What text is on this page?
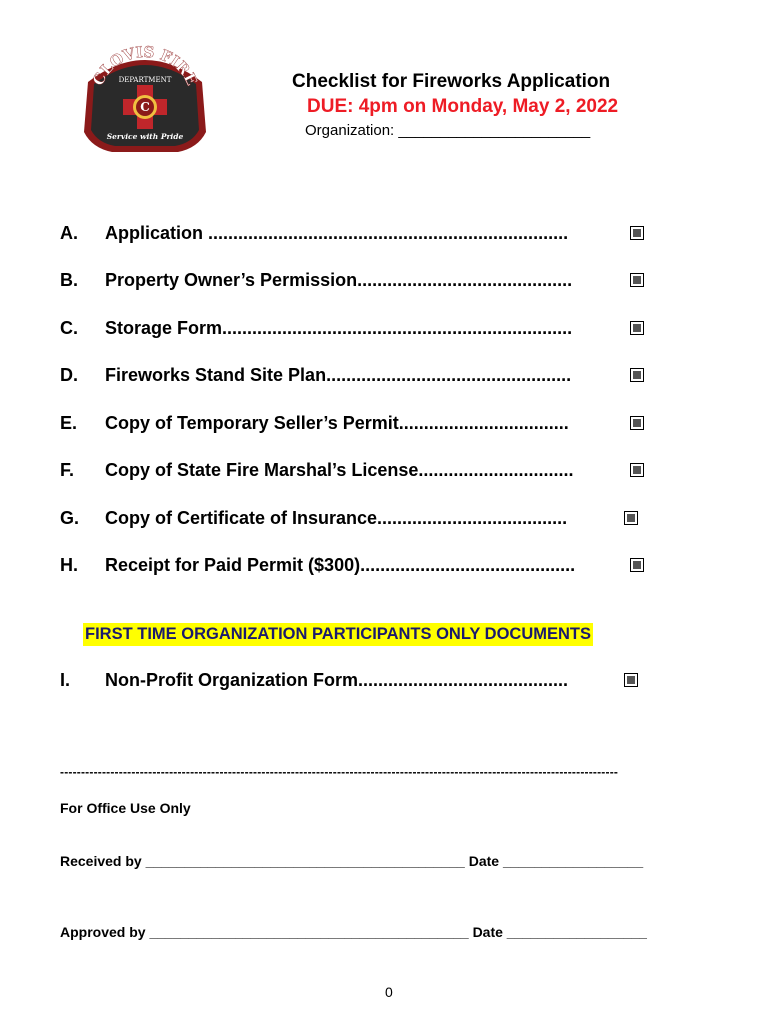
CLOVIS FIRE
DEPARTMENT
C
Service with Pride
Checklist for Fireworks Application
DUE: 4pm on Monday, May 2, 2022
Organization: _______________________
A. Application ........................................................................
B. Property Owner’s Permission...........................................
C. Storage Form......................................................................
D. Fireworks Stand Site Plan.................................................
E. Copy of Temporary Seller’s Permit..................................
F. Copy of State Fire Marshal’s License...............................
G. Copy of Certificate of Insurance......................................
H. Receipt for Paid Permit ($300)...........................................
FIRST TIME ORGANIZATION PARTICIPANTS ONLY DOCUMENTS
I. Non-Profit Organization Form..........................................
-------------------------------------------------------------------------------------------------------------------------------------
For Office Use Only
Received by _________________________________________ Date __________________
Approved by _________________________________________ Date __________________
0
